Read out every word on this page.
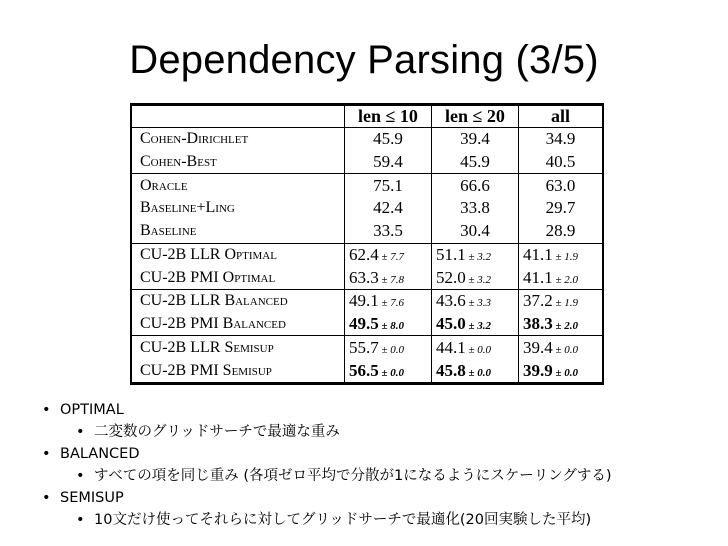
Dependency Parsing (3/5)
	len ≤ 10	len ≤ 20	all
Cohen-Dirichlet	45.9	39.4	34.9
Cohen-Best	59.4	45.9	40.5
Oracle	75.1	66.6	63.0
Baseline+Ling	42.4	33.8	29.7
Baseline	33.5	30.4	28.9
CU-2B LLR Optimal	62.4 ± 7.7	51.1 ± 3.2	41.1 ± 1.9
CU-2B PMI Optimal	63.3 ± 7.8	52.0 ± 3.2	41.1 ± 2.0
CU-2B LLR Balanced	49.1 ± 7.6	43.6 ± 3.3	37.2 ± 1.9
CU-2B PMI Balanced	49.5 ± 8.0	45.0 ± 3.2	38.3 ± 2.0
CU-2B LLR Semisup	55.7 ± 0.0	44.1 ± 0.0	39.4 ± 0.0
CU-2B PMI Semisup	56.5 ± 0.0	45.8 ± 0.0	39.9 ± 0.0
• OPTIMAL
• 二変数のグリッドサーチで最適な重み
• BALANCED
• すべての項を同じ重み (各項ゼロ平均で分散が1になるようにスケーリングする)
• SEMISUP
• 10文だけ使ってそれらに対してグリッドサーチで最適化(20回実験した平均)
